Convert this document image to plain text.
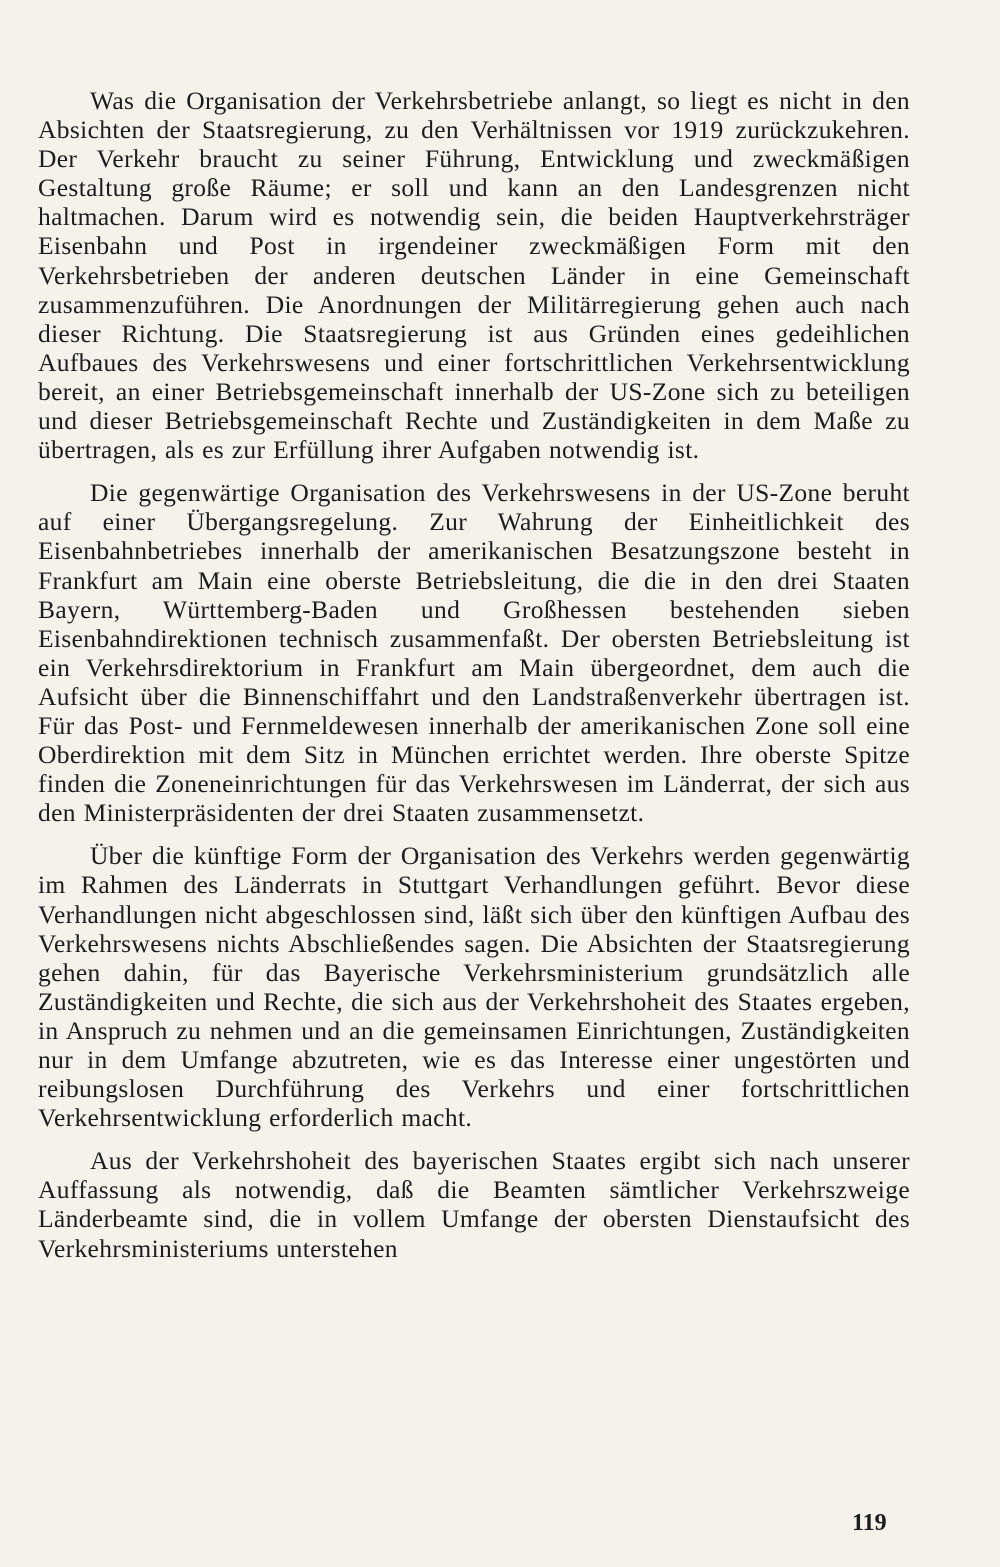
Was die Organisation der Verkehrsbetriebe anlangt, so liegt es nicht in den Absichten der Staatsregierung, zu den Verhältnissen vor 1919 zurückzukehren. Der Verkehr braucht zu seiner Führung, Entwicklung und zweckmäßigen Gestaltung große Räume; er soll und kann an den Landesgrenzen nicht haltmachen. Darum wird es notwendig sein, die beiden Hauptverkehrsträger Eisenbahn und Post in irgendeiner zweckmäßigen Form mit den Verkehrsbetrieben der anderen deutschen Länder in eine Gemeinschaft zusammenzuführen. Die Anordnungen der Militärregierung gehen auch nach dieser Richtung. Die Staatsregierung ist aus Gründen eines gedeihlichen Aufbaues des Verkehrswesens und einer fortschrittlichen Verkehrsentwicklung bereit, an einer Betriebsgemeinschaft innerhalb der US-Zone sich zu beteiligen und dieser Betriebsgemeinschaft Rechte und Zuständigkeiten in dem Maße zu übertragen, als es zur Erfüllung ihrer Aufgaben notwendig ist.

Die gegenwärtige Organisation des Verkehrswesens in der US-Zone beruht auf einer Übergangsregelung. Zur Wahrung der Einheitlichkeit des Eisenbahnbetriebes innerhalb der amerikanischen Besatzungszone besteht in Frankfurt am Main eine oberste Betriebsleitung, die die in den drei Staaten Bayern, Württemberg-Baden und Großhessen bestehenden sieben Eisenbahndirektionen technisch zusammenfaßt. Der obersten Betriebsleitung ist ein Verkehrsdirektorium in Frankfurt am Main übergeordnet, dem auch die Aufsicht über die Binnenschiffahrt und den Landstraßenverkehr übertragen ist. Für das Post- und Fernmeldewesen innerhalb der amerikanischen Zone soll eine Oberdirektion mit dem Sitz in München errichtet werden. Ihre oberste Spitze finden die Zoneneinrichtungen für das Verkehrswesen im Länderrat, der sich aus den Ministerpräsidenten der drei Staaten zusammensetzt.

Über die künftige Form der Organisation des Verkehrs werden gegenwärtig im Rahmen des Länderrats in Stuttgart Verhandlungen geführt. Bevor diese Verhandlungen nicht abgeschlossen sind, läßt sich über den künftigen Aufbau des Verkehrswesens nichts Abschließendes sagen. Die Absichten der Staatsregierung gehen dahin, für das Bayerische Verkehrsministerium grundsätzlich alle Zuständigkeiten und Rechte, die sich aus der Verkehrshoheit des Staates ergeben, in Anspruch zu nehmen und an die gemeinsamen Einrichtungen, Zuständigkeiten nur in dem Umfange abzutreten, wie es das Interesse einer ungestörten und reibungslosen Durchführung des Verkehrs und einer fortschrittlichen Verkehrsentwicklung erforderlich macht.

Aus der Verkehrshoheit des bayerischen Staates ergibt sich nach unserer Auffassung als notwendig, daß die Beamten sämtlicher Verkehrszweige Länderbeamte sind, die in vollem Umfange der obersten Dienstaufsicht des Verkehrsministeriums unterstehen

119
